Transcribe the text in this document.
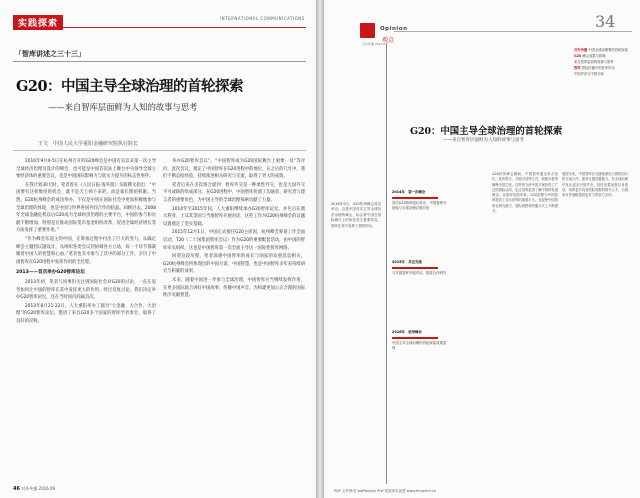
实践探索
INTERNATIONAL COMMUNICATIONS
「智库讲述之三十三」
G20：中国主导全球治理的首轮探索
——来自智库层面鲜为人知的故事与思考
王文　中国人民大学重阳金融研究院执行院长

2016年9月4-5日在杭州召开的G20峰会是中国有史以来第一次主导全球经济治理及设计的峰会，也可能是中国首次站上舞台中央领导全球主要经济体的重要会议，也是中国国际影响力与软实力提升的标志性事件。

在我计划30天时，笔者曾在《人民日报·海外版》头版撰文指出：“中国要有这样维度的机会，就不是天上掉下来的，而是靠长期的积累。当然，G20杭州峰会的成功举办，不仅是中国在国际社会中更加积极地参与全球治理的体现，也是中国与世界各国共同合作的结晶。回顾过去，2008年全球金融危机以后G20成为全球经济治理的主要平台，中国的参与和贡献不断增加，特别是在推动国际货币基金组织改革、促进全球经济增长等方面发挥了重要作用。”

“作为峰会东道主的中国，在筹备过程中付出了巨大的努力。从确定峰会主题到议题设计，从组织各类会议到协调各方立场，每一个环节都凝聚着中国人的智慧和心血。”笔者也有幸参与了其中的部分工作，亲历了中国智库在G20进程中发挥作用的全过程。

2013——首次举办G20智库论坛

2013年初，笔者与同事们关注到国际社会对G20的讨论，一直在思考如何让中国的智库在其中发挥更大的作用。经过反复讨论，我们决定举办G20智库论坛，这在当时国内尚属首次。

2013年8月21-22日，人大重阳举办了题为“大金融、大合作、大治理”的G20智库论坛，邀请了来自G20多个国家的智库学者参会，取得了良好的反响。

举办G20智库会议”，“中国智库成为G20国际舞台上重要一员”等评价。此次会议，奠定了中国智库在G20进程中的地位，在之后的几年中，我们不断总结经验，持续推进相关研究与交流，取得了更大的成效。

笔者后来在多次场合提到：智库外交是一种柔性外交，也是大国外交不可或缺的组成部分。在G20进程中，中国智库扮演了沟通者、研究者与建言者的重要角色，为中国主导的全球治理探索贡献了力量。

2014年至2015年间，人大重阳继续承办G20智库论坛，并先后在澳大利亚、土耳其等国与当地智库开展对话，这些工作为G20杭州峰会的议题设置奠定了坚实基础。

2015年12月1日，中国正式接任G20主席国，杭州峰会筹备工作全面启动，T20（二十国集团智库会议）作为G20的重要配套活动，由中国的智库牵头组织，这也是中国智库第一次全面主导这一国际性智库网络。

回望这段历程，笔者深感中国智库的成长与国家的发展息息相关。G20杭州峰会所体现出的中国方案、中国智慧，也是中国智库多年来持续研究与积累的成果。

未来，随着中国进一步参与全球治理，中国智库应当继续发挥作用，在更多国际场合讲好中国故事，传播中国声音，为构建更加公正合理的国际秩序贡献智慧。

46 对外传播 2016.09
Opinion
观点
对外传播 2016.09
34
对外传播 中国全球治理观的首轮探索
G20 峰会成果与影响
来自智库层面的故事与思考
智库 国际传播中的智库作用
中国声音与中国方案
G20：中国主导全球治理的首轮探索
——来自智库层面鲜为人知的故事与思考
2016年9月，G20杭州峰会成功举办，这是中国首次主导全球经济治理的峰会，标志着中国在国际舞台上的角色发生重要转变。智库在其中发挥了独特作用。
2014年　第一次峰会
首次G20智库论坛举办，中国智库开始参与全球治理议题讨论
2015年　多边交流
与多国智库开展对话，推进合作研究
2016年　杭州峰会
中国主导全球治理的首轮探索成果显现
G20杭州峰会期间，中国智库通过举办论坛、发布报告、开展对话等方式，积极向世界阐释中国主张。这些努力使中国方案获得了广泛的国际认同，也让世界更加了解中国的发展理念。从智库层面来看，G20进程为中国智库提供了走向世界的重要平台，也促使中国智库在研究能力、国际视野和传播方式上不断提升。
展望未来，中国智库应当继续深化与国际同行的交流合作，提高议题设置能力，在全球治理中发出更多中国声音。同时也要加强自身建设，培养更多具有国际视野的研究人才，为国家对外战略提供更有力的智力支持。
PDF 文件使用“pdfFactory Pro”试用版本创建 www.fineprint.cn
